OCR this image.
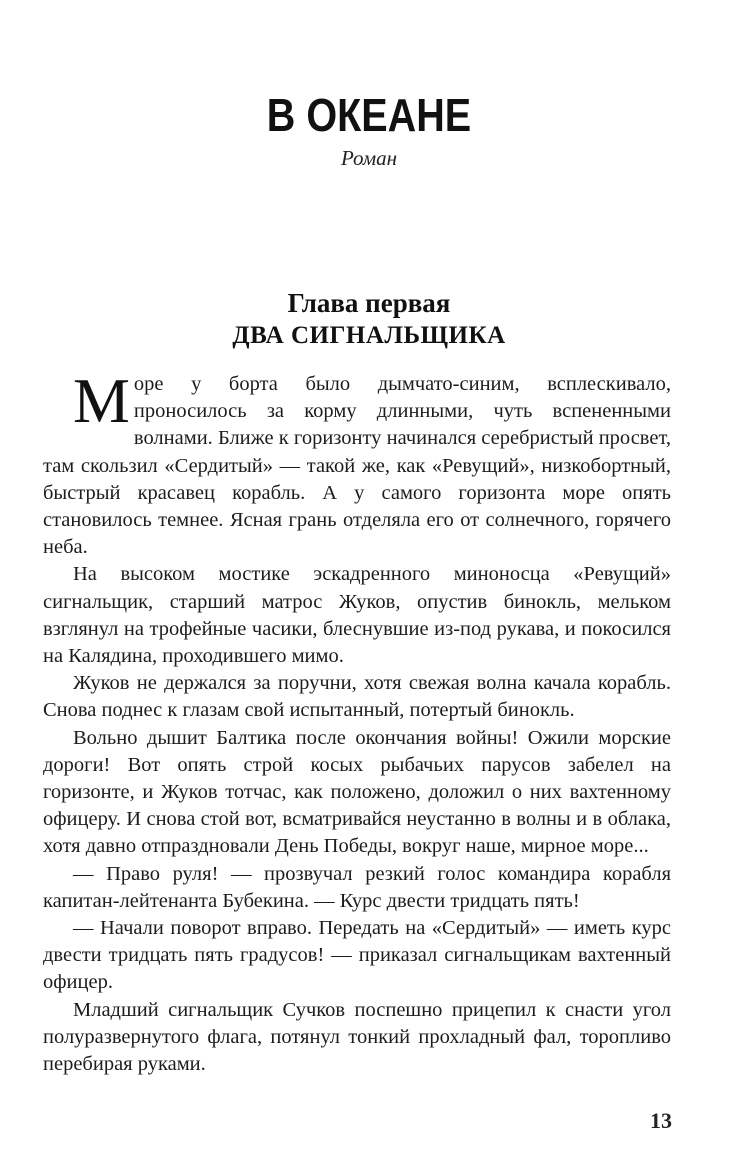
В ОКЕАНЕ
Роман
Глава первая
ДВА СИГНАЛЬЩИКА

Море у борта было дымчато-синим, всплескивало, проносилось за корму длинными, чуть вспененными волнами. Ближе к горизонту начинался серебристый просвет, там скользил «Сердитый» — такой же, как «Ревущий», низкобортный, быстрый красавец корабль. А у самого горизонта море опять становилось темнее. Ясная грань отделяла его от солнечного, горячего неба.

На высоком мостике эскадренного миноносца «Ревущий» сигнальщик, старший матрос Жуков, опустив бинокль, мельком взглянул на трофейные часики, блеснувшие из-под рукава, и покосился на Калядина, проходившего мимо.

Жуков не держался за поручни, хотя свежая волна качала корабль. Снова поднес к глазам свой испытанный, потертый бинокль.

Вольно дышит Балтика после окончания войны! Ожили морские дороги! Вот опять строй косых рыбачьих парусов забелел на горизонте, и Жуков тотчас, как положено, доложил о них вахтенному офицеру. И снова стой вот, всматривайся неустанно в волны и в облака, хотя давно отпраздновали День Победы, вокруг наше, мирное море...

— Право руля! — прозвучал резкий голос командира корабля капитан-лейтенанта Бубекина. — Курс двести тридцать пять!

— Начали поворот вправо. Передать на «Сердитый» — иметь курс двести тридцать пять градусов! — приказал сигнальщикам вахтенный офицер.

Младший сигнальщик Сучков поспешно прицепил к снасти угол полуразвернутого флага, потянул тонкий прохладный фал, торопливо перебирая руками.

13
